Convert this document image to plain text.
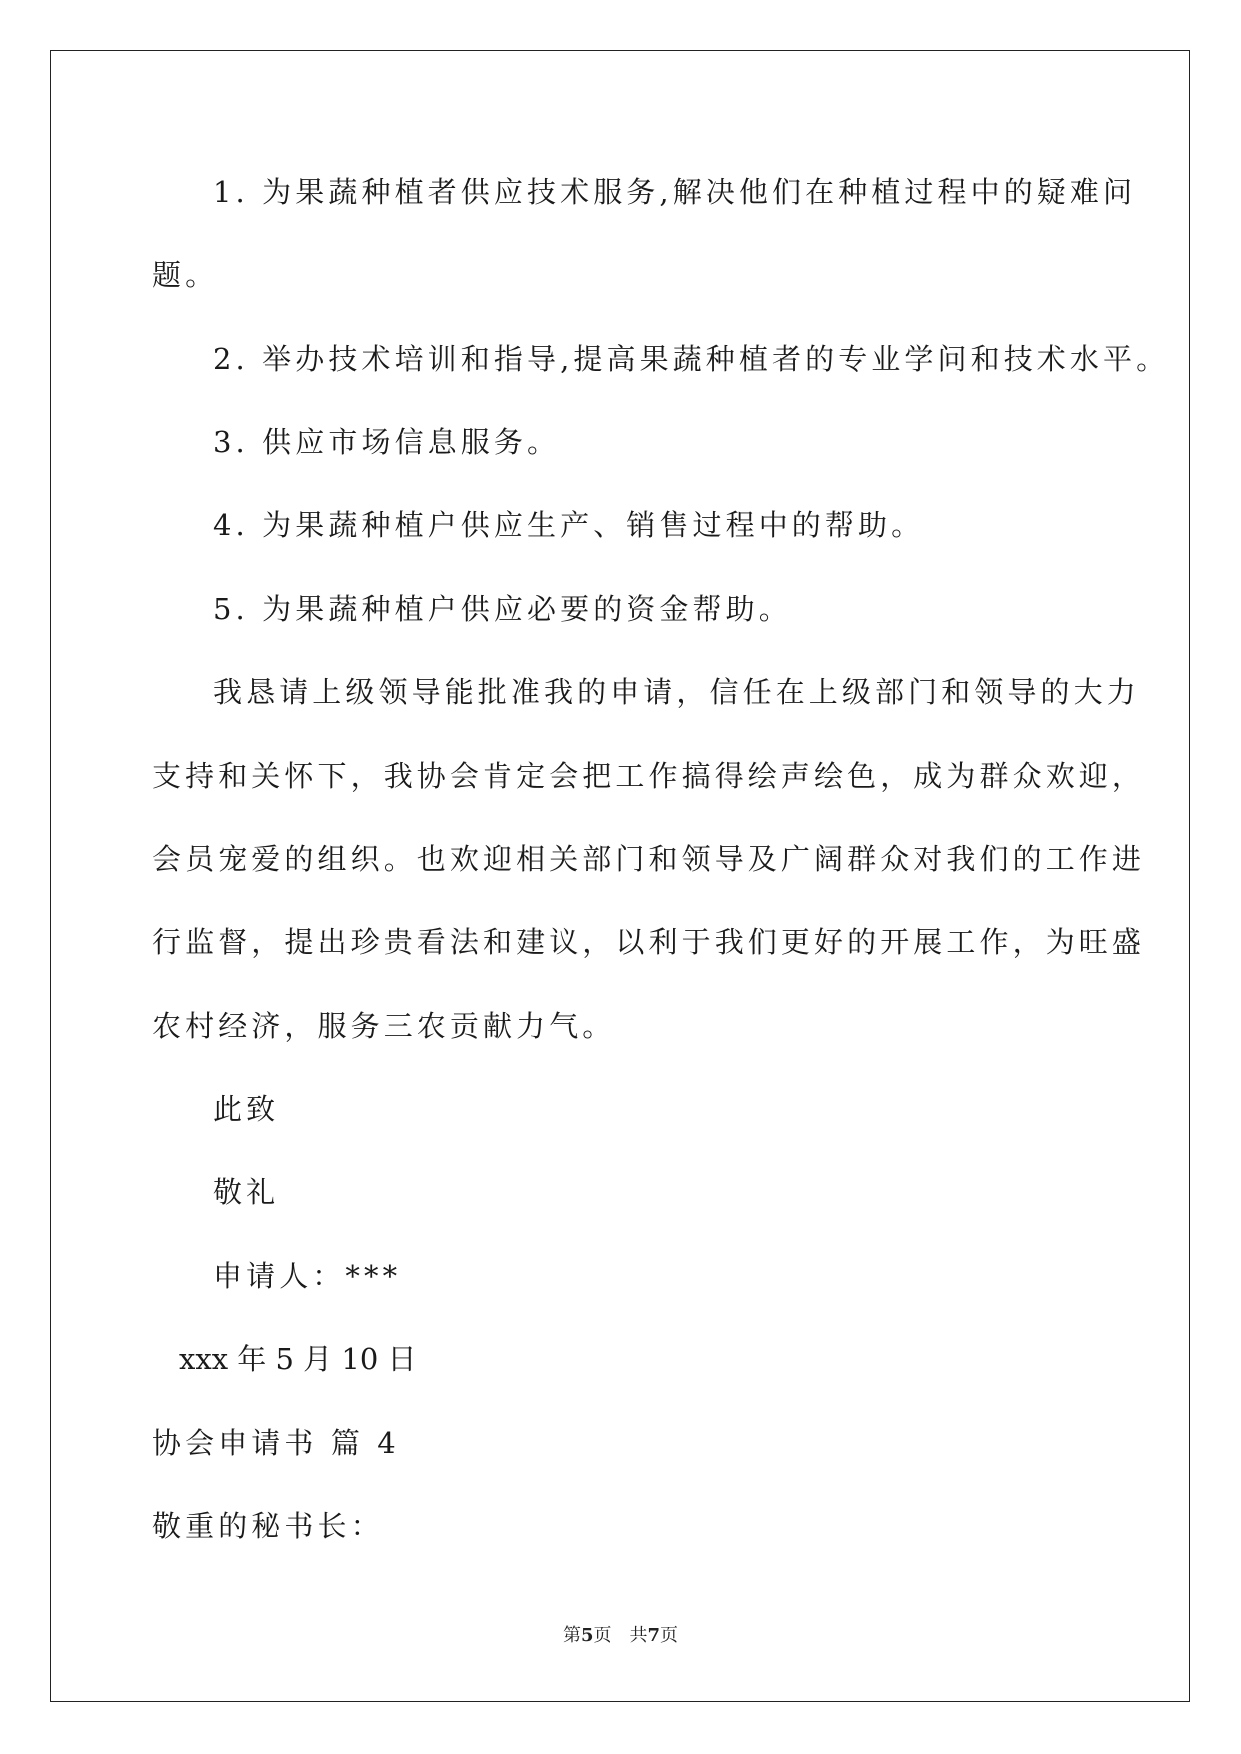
1. 为果蔬种植者供应技术服务,解决他们在种植过程中的疑难问
题。
2. 举办技术培训和指导,提高果蔬种植者的专业学问和技术水平。
3. 供应市场信息服务。
4. 为果蔬种植户供应生产、销售过程中的帮助。
5. 为果蔬种植户供应必要的资金帮助。
我恳请上级领导能批准我的申请，信任在上级部门和领导的大力
支持和关怀下，我协会肯定会把工作搞得绘声绘色，成为群众欢迎，
会员宠爱的组织。也欢迎相关部门和领导及广阔群众对我们的工作进
行监督，提出珍贵看法和建议，以利于我们更好的开展工作，为旺盛
农村经济，服务三农贡献力气。
此致
敬礼
申请人：***
xxx 年 5 月 10 日
协会申请书 篇 4
敬重的秘书长：
第5页　共7页
